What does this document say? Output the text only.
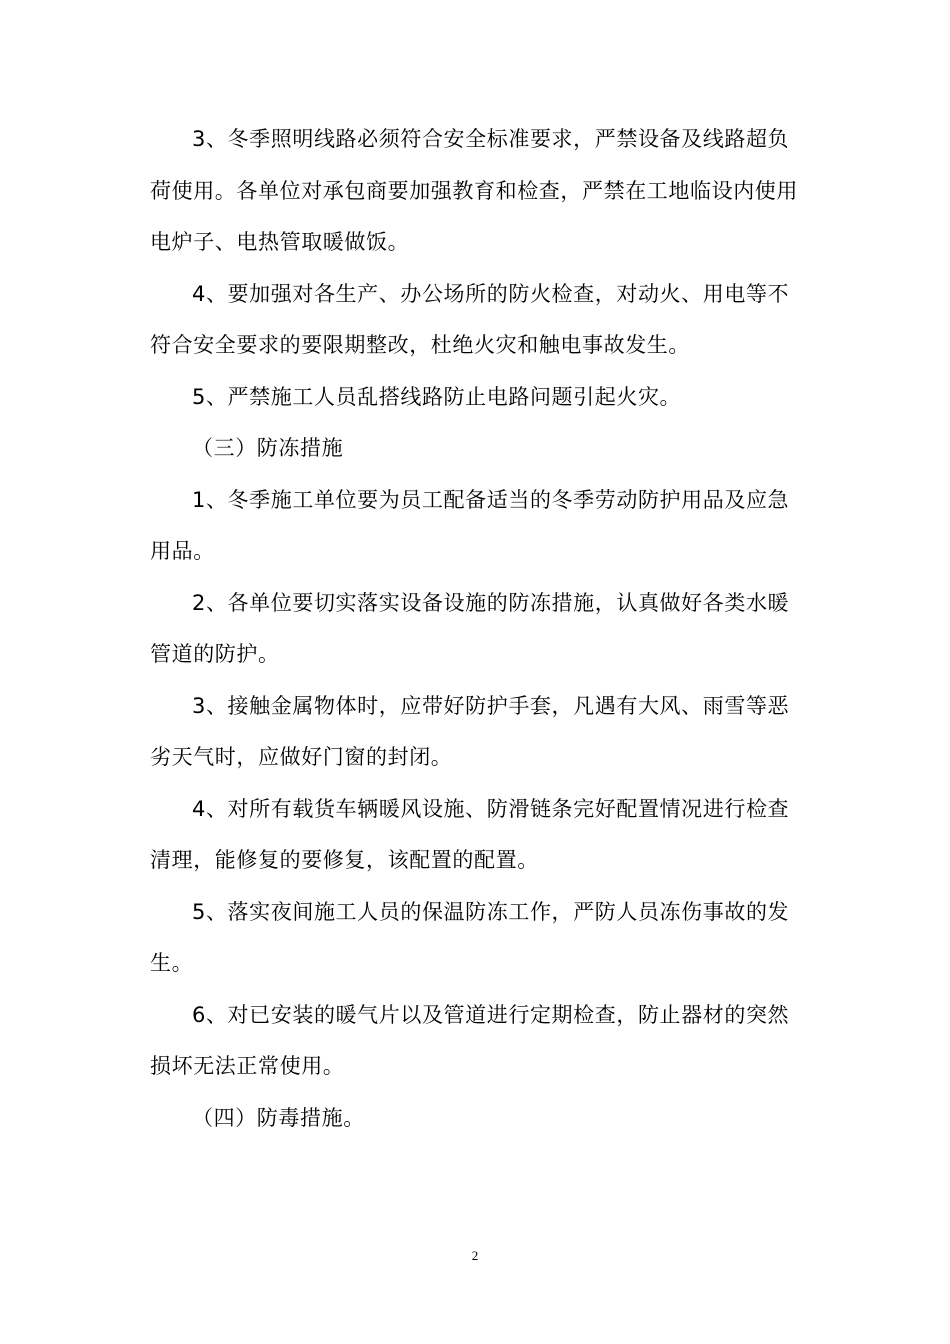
3、冬季照明线路必须符合安全标准要求，严禁设备及线路超负荷使用。各单位对承包商要加强教育和检查，严禁在工地临设内使用电炉子、电热管取暖做饭。

4、要加强对各生产、办公场所的防火检查，对动火、用电等不符合安全要求的要限期整改，杜绝火灾和触电事故发生。

5、严禁施工人员乱搭线路防止电路问题引起火灾。

（三）防冻措施

1、冬季施工单位要为员工配备适当的冬季劳动防护用品及应急用品。

2、各单位要切实落实设备设施的防冻措施，认真做好各类水暖管道的防护。

3、接触金属物体时，应带好防护手套，凡遇有大风、雨雪等恶劣天气时，应做好门窗的封闭。

4、对所有载货车辆暖风设施、防滑链条完好配置情况进行检查清理，能修复的要修复，该配置的配置。

5、落实夜间施工人员的保温防冻工作，严防人员冻伤事故的发生。

6、对已安装的暖气片以及管道进行定期检查，防止器材的突然损坏无法正常使用。

（四）防毒措施。

2
